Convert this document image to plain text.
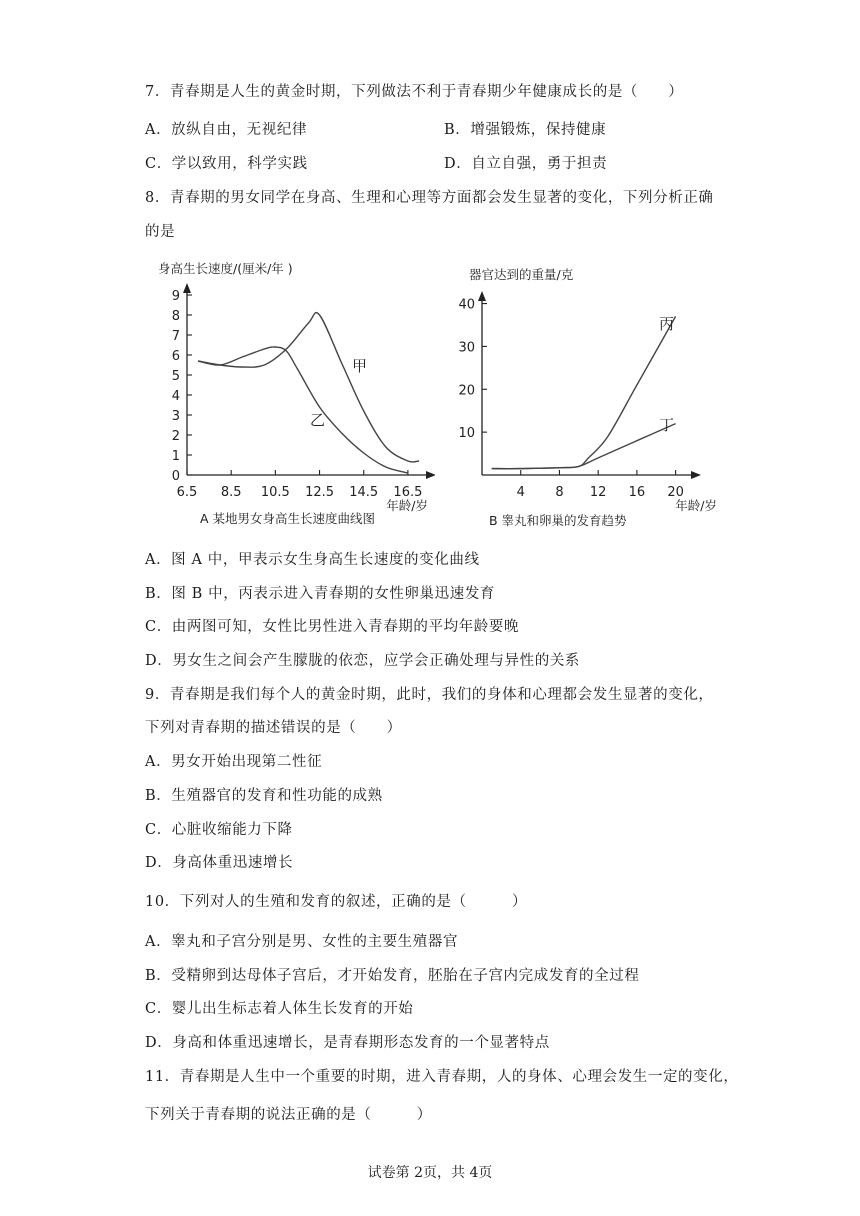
7．青春期是人生的黄金时期，下列做法不利于青春期少年健康成长的是（　　）
A．放纵自由，无视纪律	B．增强锻炼，保持健康
C．学以致用，科学实践	D．自立自强，勇于担责
8．青春期的男女同学在身高、生理和心理等方面都会发生显著的变化，下列分析正确
的是
身高生长速度/(厘米/年 )
0
1
2
3
4
5
6
7
8
9
6.5 8.5 10.5 12.5 14.5 16.5
甲
乙
年龄/岁
A 某地男女身高生长速度曲线图
器官达到的重量/克
10
20
30
40
4 8 12 16 20
丙
丁
年龄/岁
B 睾丸和卵巢的发育趋势
A．图 A 中，甲表示女生身高生长速度的变化曲线
B．图 B 中，丙表示进入青春期的女性卵巢迅速发育
C．由两图可知，女性比男性进入青春期的平均年龄要晚
D．男女生之间会产生朦胧的依恋，应学会正确处理与异性的关系
9．青春期是我们每个人的黄金时期，此时，我们的身体和心理都会发生显著的变化，
下列对青春期的描述错误的是（　　）
A．男女开始出现第二性征
B．生殖器官的发育和性功能的成熟
C．心脏收缩能力下降
D．身高体重迅速增长
10．下列对人的生殖和发育的叙述，正确的是（　　　）
A．睾丸和子宫分别是男、女性的主要生殖器官
B．受精卵到达母体子宫后，才开始发育，胚胎在子宫内完成发育的全过程
C．婴儿出生标志着人体生长发育的开始
D．身高和体重迅速增长，是青春期形态发育的一个显著特点
11．青春期是人生中一个重要的时期，进入青春期，人的身体、心理会发生一定的变化，
下列关于青春期的说法正确的是（　　　）
试卷第 2页，共 4页
